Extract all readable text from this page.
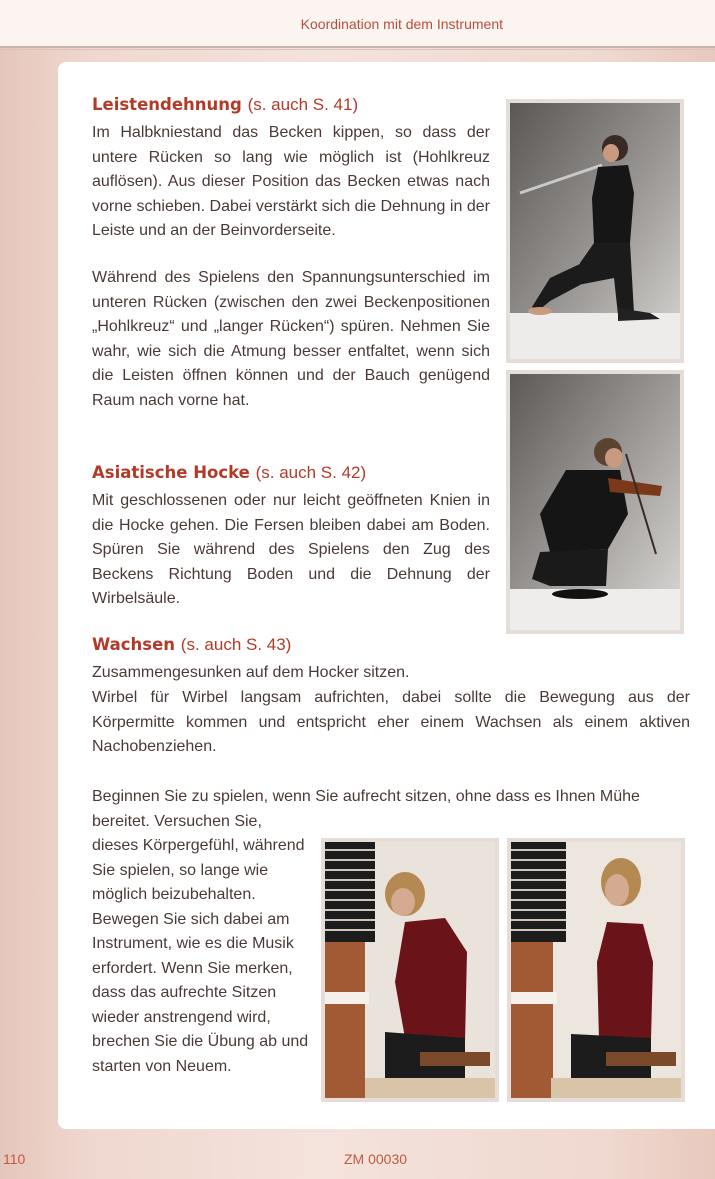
Koordination mit dem Instrument
Leistendehnung (s. auch S. 41)

Im Halbkniestand das Becken kippen, so dass der untere Rücken so lang wie möglich ist (Hohlkreuz auflösen). Aus dieser Position das Becken etwas nach vorne schieben. Dabei verstärkt sich die Dehnung in der Leiste und an der Beinvorderseite.

Während des Spielens den Spannungsunterschied im unteren Rücken (zwischen den zwei Beckenpositionen „Hohlkreuz“ und „langer Rücken“) spüren. Nehmen Sie wahr, wie sich die Atmung besser entfaltet, wenn sich die Leisten öffnen können und der Bauch genügend Raum nach vorne hat.

Asiatische Hocke (s. auch S. 42)

Mit geschlossenen oder nur leicht geöffneten Knien in die Hocke gehen. Die Fersen bleiben dabei am Boden. Spüren Sie während des Spielens den Zug des Beckens Richtung Boden und die Dehnung der Wirbelsäule.

Wachsen (s. auch S. 43)

Zusammengesunken auf dem Hocker sitzen.

Wirbel für Wirbel langsam aufrichten, dabei sollte die Bewegung aus der Körpermitte kommen und entspricht eher einem Wachsen als einem aktiven Nachobenziehen.

Beginnen Sie zu spielen, wenn Sie aufrecht sitzen, ohne dass es Ihnen Mühe bereitet. Versuchen Sie, dieses Körpergefühl, während Sie spielen, so lange wie möglich beizubehalten. Bewegen Sie sich dabei am Instrument, wie es die Musik erfordert. Wenn Sie merken, dass das aufrechte Sitzen wieder anstrengend wird, brechen Sie die Übung ab und starten von Neuem.

110	ZM 00030
